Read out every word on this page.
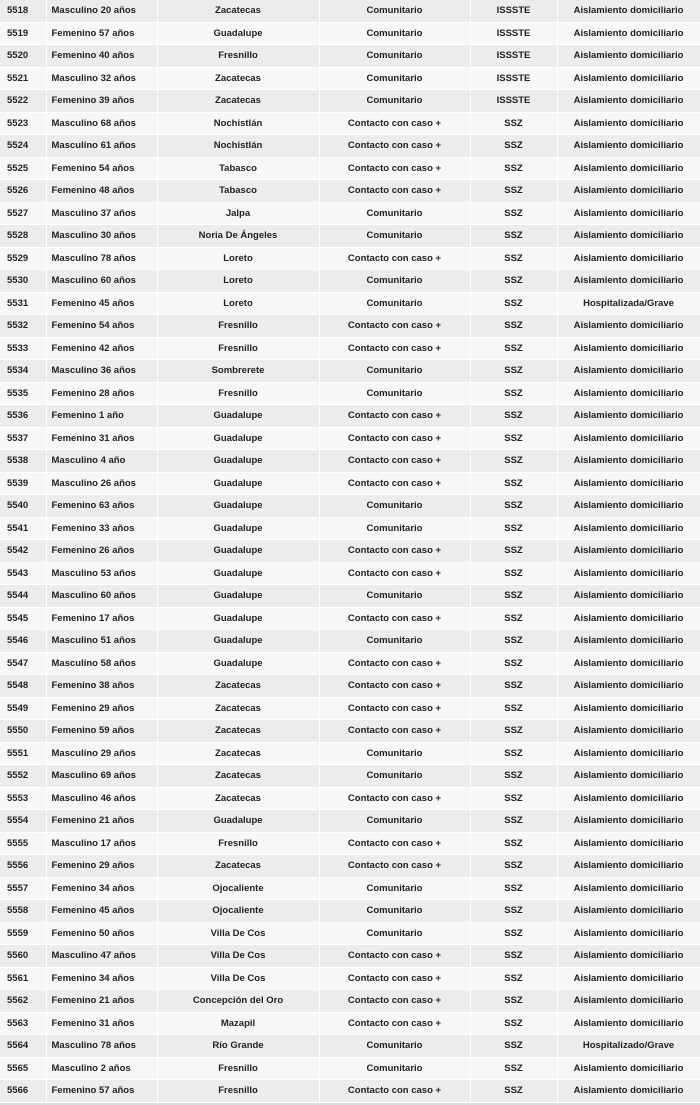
5518	Masculino 20 años	Zacatecas	Comunitario	ISSSTE	Aislamiento domiciliario
5519	Femenino 57 años	Guadalupe	Comunitario	ISSSTE	Aislamiento domiciliario
5520	Femenino 40 años	Fresnillo	Comunitario	ISSSTE	Aislamiento domiciliario
5521	Masculino 32 años	Zacatecas	Comunitario	ISSSTE	Aislamiento domiciliario
5522	Femenino 39 años	Zacatecas	Comunitario	ISSSTE	Aislamiento domiciliario
5523	Masculino 68 años	Nochistlán	Contacto con caso +	SSZ	Aislamiento domiciliario
5524	Masculino 61 años	Nochistlán	Contacto con caso +	SSZ	Aislamiento domiciliario
5525	Femenino 54 años	Tabasco	Contacto con caso +	SSZ	Aislamiento domiciliario
5526	Femenino 48 años	Tabasco	Contacto con caso +	SSZ	Aislamiento domiciliario
5527	Masculino 37 años	Jalpa	Comunitario	SSZ	Aislamiento domiciliario
5528	Masculino 30 años	Noria De Ángeles	Comunitario	SSZ	Aislamiento domiciliario
5529	Masculino 78 años	Loreto	Contacto con caso +	SSZ	Aislamiento domiciliario
5530	Masculino 60 años	Loreto	Comunitario	SSZ	Aislamiento domiciliario
5531	Femenino 45 años	Loreto	Comunitario	SSZ	Hospitalizada/Grave
5532	Femenino 54 años	Fresnillo	Contacto con caso +	SSZ	Aislamiento domiciliario
5533	Femenino 42 años	Fresnillo	Contacto con caso +	SSZ	Aislamiento domiciliario
5534	Masculino 36 años	Sombrerete	Comunitario	SSZ	Aislamiento domiciliario
5535	Femenino 28 años	Fresnillo	Comunitario	SSZ	Aislamiento domiciliario
5536	Femenino 1 año	Guadalupe	Contacto con caso +	SSZ	Aislamiento domiciliario
5537	Femenino 31 años	Guadalupe	Contacto con caso +	SSZ	Aislamiento domiciliario
5538	Masculino 4 año	Guadalupe	Contacto con caso +	SSZ	Aislamiento domiciliario
5539	Masculino 26 años	Guadalupe	Contacto con caso +	SSZ	Aislamiento domiciliario
5540	Femenino 63 años	Guadalupe	Comunitario	SSZ	Aislamiento domiciliario
5541	Femenino 33 años	Guadalupe	Comunitario	SSZ	Aislamiento domiciliario
5542	Femenino 26 años	Guadalupe	Contacto con caso +	SSZ	Aislamiento domiciliario
5543	Masculino 53 años	Guadalupe	Contacto con caso +	SSZ	Aislamiento domiciliario
5544	Masculino 60 años	Guadalupe	Comunitario	SSZ	Aislamiento domiciliario
5545	Femenino 17 años	Guadalupe	Contacto con caso +	SSZ	Aislamiento domiciliario
5546	Masculino 51 años	Guadalupe	Comunitario	SSZ	Aislamiento domiciliario
5547	Masculino 58 años	Guadalupe	Contacto con caso +	SSZ	Aislamiento domiciliario
5548	Femenino 38 años	Zacatecas	Contacto con caso +	SSZ	Aislamiento domiciliario
5549	Femenino 29 años	Zacatecas	Contacto con caso +	SSZ	Aislamiento domiciliario
5550	Femenino 59 años	Zacatecas	Contacto con caso +	SSZ	Aislamiento domiciliario
5551	Masculino 29 años	Zacatecas	Comunitario	SSZ	Aislamiento domiciliario
5552	Masculino 69 años	Zacatecas	Comunitario	SSZ	Aislamiento domiciliario
5553	Masculino 46 años	Zacatecas	Contacto con caso +	SSZ	Aislamiento domiciliario
5554	Femenino 21 años	Guadalupe	Comunitario	SSZ	Aislamiento domiciliario
5555	Masculino 17 años	Fresnillo	Contacto con caso +	SSZ	Aislamiento domiciliario
5556	Femenino 29 años	Zacatecas	Contacto con caso +	SSZ	Aislamiento domiciliario
5557	Femenino 34 años	Ojocaliente	Comunitario	SSZ	Aislamiento domiciliario
5558	Femenino 45 años	Ojocaliente	Comunitario	SSZ	Aislamiento domiciliario
5559	Femenino 50 años	Villa De Cos	Comunitario	SSZ	Aislamiento domiciliario
5560	Masculino 47 años	Villa De Cos	Contacto con caso +	SSZ	Aislamiento domiciliario
5561	Femenino 34 años	Villa De Cos	Contacto con caso +	SSZ	Aislamiento domiciliario
5562	Femenino 21 años	Concepción del Oro	Contacto con caso +	SSZ	Aislamiento domiciliario
5563	Femenino 31 años	Mazapil	Contacto con caso +	SSZ	Aislamiento domiciliario
5564	Masculino 78 años	Río Grande	Comunitario	SSZ	Hospitalizado/Grave
5565	Masculino 2 años	Fresnillo	Comunitario	SSZ	Aislamiento domiciliario
5566	Femenino 57 años	Fresnillo	Contacto con caso +	SSZ	Aislamiento domiciliario
